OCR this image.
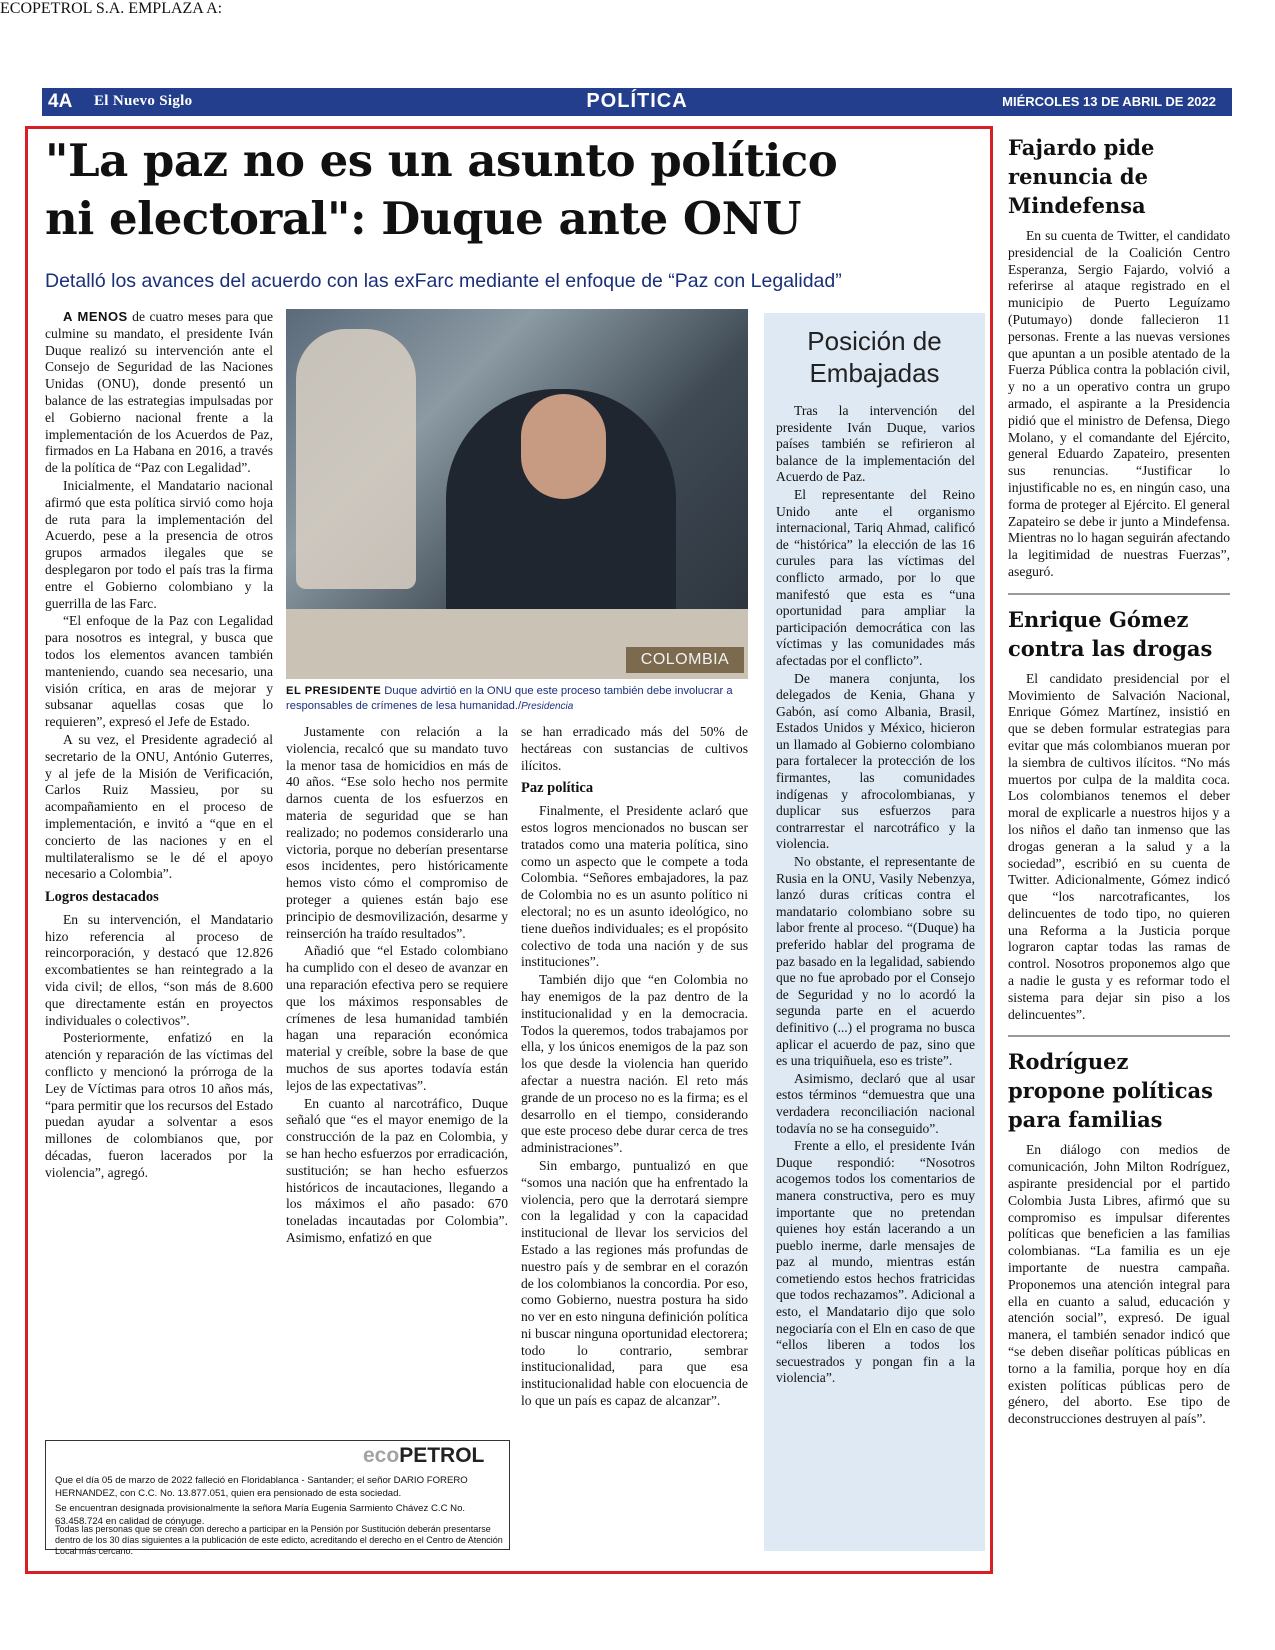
4A El Nuevo Siglo	POLÍTICA	MIÉRCOLES 13 DE ABRIL DE 2022
"La paz no es un asunto político
ni electoral": Duque ante ONU
Detalló los avances del acuerdo con las exFarc mediante el enfoque de “Paz con Legalidad”

A MENOS de cuatro meses para que culmine su mandato, el presidente Iván Duque realizó su intervención ante el Consejo de Seguridad de las Naciones Unidas (ONU), donde presentó un balance de las estrategias impulsadas por el Gobierno nacional frente a la implementación de los Acuerdos de Paz, firmados en La Habana en 2016, a través de la política de “Paz con Legalidad”.

Inicialmente, el Mandatario nacional afirmó que esta política sirvió como hoja de ruta para la implementación del Acuerdo, pese a la presencia de otros grupos armados ilegales que se desplegaron por todo el país tras la firma entre el Gobierno colombiano y la guerrilla de las Farc.

“El enfoque de la Paz con Legalidad para nosotros es integral, y busca que todos los elementos avancen también manteniendo, cuando sea necesario, una visión crítica, en aras de mejorar y subsanar aquellas cosas que lo requieren”, expresó el Jefe de Estado.

A su vez, el Presidente agradeció al secretario de la ONU, António Guterres, y al jefe de la Misión de Verificación, Carlos Ruiz Massieu, por su acompañamiento en el proceso de implementación, e invitó a “que en el concierto de las naciones y en el multilateralismo se le dé el apoyo necesario a Colombia”.

Logros destacados

En su intervención, el Mandatario hizo referencia al proceso de reincorporación, y destacó que 12.826 excombatientes se han reintegrado a la vida civil; de ellos, “son más de 8.600 que directamente están en proyectos individuales o colectivos”.

Posteriormente, enfatizó en la atención y reparación de las víctimas del conflicto y mencionó la prórroga de la Ley de Víctimas para otros 10 años más, “para permitir que los recursos del Estado puedan ayudar a solventar a esos millones de colombianos que, por décadas, fueron lacerados por la violencia”, agregó.

COLOMBIA
EL PRESIDENTE Duque advirtió en la ONU que este proceso también debe involucrar a responsables de crímenes de lesa humanidad./Presidencia

Justamente con relación a la violencia, recalcó que su mandato tuvo la menor tasa de homicidios en más de 40 años. “Ese solo hecho nos permite darnos cuenta de los esfuerzos en materia de seguridad que se han realizado; no podemos considerarlo una victoria, porque no deberían presentarse esos incidentes, pero históricamente hemos visto cómo el compromiso de proteger a quienes están bajo ese principio de desmovilización, desarme y reinserción ha traído resultados”.

Añadió que “el Estado colombiano ha cumplido con el deseo de avanzar en una reparación efectiva pero se requiere que los máximos responsables de crímenes de lesa humanidad también hagan una reparación económica material y creíble, sobre la base de que muchos de sus aportes todavía están lejos de las expectativas”.

En cuanto al narcotráfico, Duque señaló que “es el mayor enemigo de la construcción de la paz en Colombia, y se han hecho esfuerzos por erradicación, sustitución; se han hecho esfuerzos históricos de incautaciones, llegando a los máximos el año pasado: 670 toneladas incautadas por Colombia”. Asimismo, enfatizó en que

se han erradicado más del 50% de hectáreas con sustancias de cultivos ilícitos.

Paz política

Finalmente, el Presidente aclaró que estos logros mencionados no buscan ser tratados como una materia política, sino como un aspecto que le compete a toda Colombia. “Señores embajadores, la paz de Colombia no es un asunto político ni electoral; no es un asunto ideológico, no tiene dueños individuales; es el propósito colectivo de toda una nación y de sus instituciones”.

También dijo que “en Colombia no hay enemigos de la paz dentro de la institucionalidad y en la democracia. Todos la queremos, todos trabajamos por ella, y los únicos enemigos de la paz son los que desde la violencia han querido afectar a nuestra nación. El reto más grande de un proceso no es la firma; es el desarrollo en el tiempo, considerando que este proceso debe durar cerca de tres administraciones”.

Sin embargo, puntualizó en que “somos una nación que ha enfrentado la violencia, pero que la derrotará siempre con la legalidad y con la capacidad institucional de llevar los servicios del Estado a las regiones más profundas de nuestro país y de sembrar en el corazón de los colombianos la concordia. Por eso, como Gobierno, nuestra postura ha sido no ver en esto ninguna definición política ni buscar ninguna oportunidad electorera; todo lo contrario, sembrar institucionalidad, para que esa institucionalidad hable con elocuencia de lo que un país es capaz de alcanzar”.

Posición de
Embajadas

Tras la intervención del presidente Iván Duque, varios países también se refirieron al balance de la implementación del Acuerdo de Paz.

El representante del Reino Unido ante el organismo internacional, Tariq Ahmad, calificó de “histórica” la elección de las 16 curules para las víctimas del conflicto armado, por lo que manifestó que esta es “una oportunidad para ampliar la participación democrática con las víctimas y las comunidades más afectadas por el conflicto”.

De manera conjunta, los delegados de Kenia, Ghana y Gabón, así como Albania, Brasil, Estados Unidos y México, hicieron un llamado al Gobierno colombiano para fortalecer la protección de los firmantes, las comunidades indígenas y afrocolombianas, y duplicar sus esfuerzos para contrarrestar el narcotráfico y la violencia.

No obstante, el representante de Rusia en la ONU, Vasily Nebenzya, lanzó duras críticas contra el mandatario colombiano sobre su labor frente al proceso. “(Duque) ha preferido hablar del programa de paz basado en la legalidad, sabiendo que no fue aprobado por el Consejo de Seguridad y no lo acordó la segunda parte en el acuerdo definitivo (...) el programa no busca aplicar el acuerdo de paz, sino que es una triquiñuela, eso es triste”.

Asimismo, declaró que al usar estos términos “demuestra que una verdadera reconciliación nacional todavía no se ha conseguido”.

Frente a ello, el presidente Iván Duque respondió: “Nosotros acogemos todos los comentarios de manera constructiva, pero es muy importante que no pretendan quienes hoy están lacerando a un pueblo inerme, darle mensajes de paz al mundo, mientras están cometiendo estos hechos fratricidas que todos rechazamos”. Adicional a esto, el Mandatario dijo que solo negociaría con el Eln en caso de que “ellos liberen a todos los secuestrados y pongan fin a la violencia”.

Fajardo pide renuncia de Mindefensa

En su cuenta de Twitter, el candidato presidencial de la Coalición Centro Esperanza, Sergio Fajardo, volvió a referirse al ataque registrado en el municipio de Puerto Leguízamo (Putumayo) donde fallecieron 11 personas. Frente a las nuevas versiones que apuntan a un posible atentado de la Fuerza Pública contra la población civil, y no a un operativo contra un grupo armado, el aspirante a la Presidencia pidió que el ministro de Defensa, Diego Molano, y el comandante del Ejército, general Eduardo Zapateiro, presenten sus renuncias. “Justificar lo injustificable no es, en ningún caso, una forma de proteger al Ejército. El general Zapateiro se debe ir junto a Mindefensa. Mientras no lo hagan seguirán afectando la legitimidad de nuestras Fuerzas”, aseguró.

Enrique Gómez contra las drogas

El candidato presidencial por el Movimiento de Salvación Nacional, Enrique Gómez Martínez, insistió en que se deben formular estrategias para evitar que más colombianos mueran por la siembra de cultivos ilícitos. “No más muertos por culpa de la maldita coca. Los colombianos tenemos el deber moral de explicarle a nuestros hijos y a los niños el daño tan inmenso que las drogas generan a la salud y a la sociedad”, escribió en su cuenta de Twitter. Adicionalmente, Gómez indicó que “los narcotraficantes, los delincuentes de todo tipo, no quieren una Reforma a la Justicia porque lograron captar todas las ramas de control. Nosotros proponemos algo que a nadie le gusta y es reformar todo el sistema para dejar sin piso a los delincuentes”.

Rodríguez propone políticas para familias

En diálogo con medios de comunicación, John Milton Rodríguez, aspirante presidencial por el partido Colombia Justa Libres, afirmó que su compromiso es impulsar diferentes políticas que beneficien a las familias colombianas. “La familia es un eje importante de nuestra campaña. Proponemos una atención integral para ella en cuanto a salud, educación y atención social”, expresó. De igual manera, el también senador indicó que “se deben diseñar políticas públicas en torno a la familia, porque hoy en día existen políticas públicas pero de género, del aborto. Ese tipo de deconstrucciones destruyen al país”.

ECOPETROL S.A. EMPLAZA A:
ecoPETROL
Que el día 05 de marzo de 2022 falleció en Floridablanca - Santander; el señor DARIO FORERO HERNANDEZ, con C.C. No. 13.877.051, quien era pensionado de esta sociedad.
Se encuentran designada provisionalmente la señora María Eugenia Sarmiento Chávez C.C No. 63.458.724 en calidad de cónyuge.
Todas las personas que se crean con derecho a participar en la Pensión por Sustitución deberán presentarse dentro de los 30 días siguientes a la publicación de este edicto, acreditando el derecho en el Centro de Atención Local más cercano.
